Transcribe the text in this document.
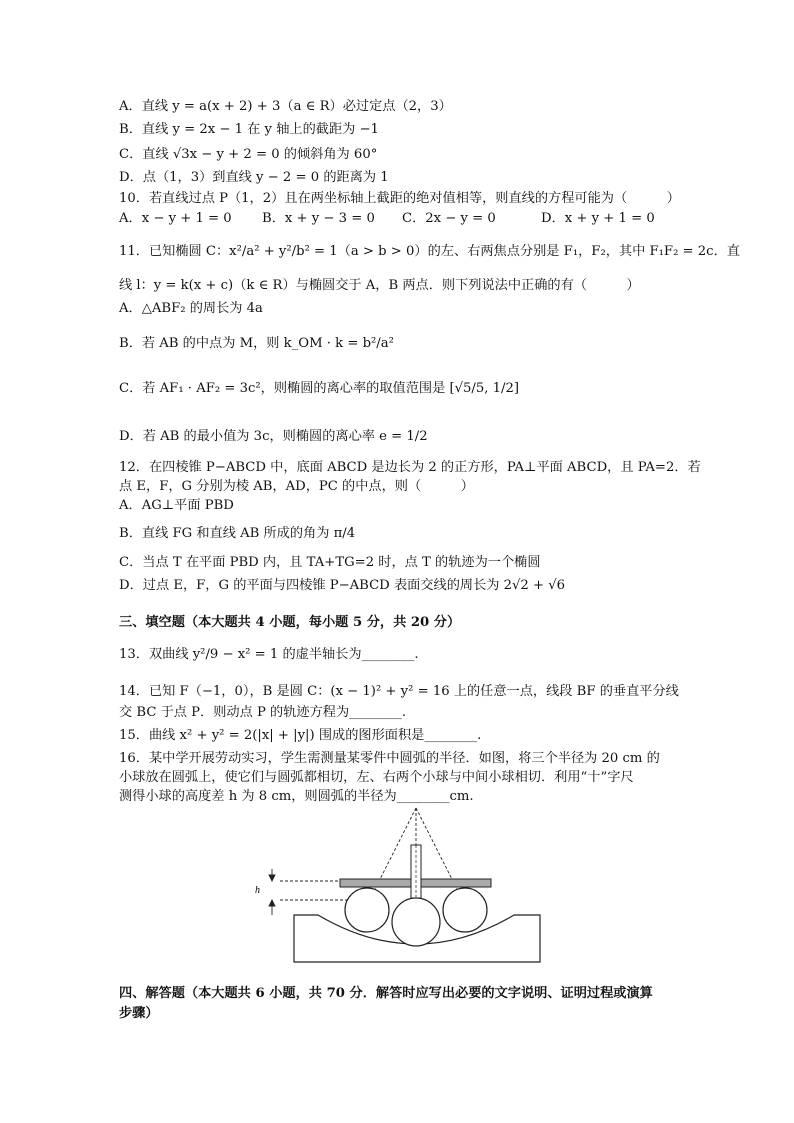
A．直线 y = a(x + 2) + 3（a ∈ R）必过定点（2，3）
B．直线 y = 2x − 1 在 y 轴上的截距为 −1
C．直线 √3x − y + 2 = 0 的倾斜角为 60°
D．点（1，3）到直线 y − 2 = 0 的距离为 1
10．若直线过点 P（1，2）且在两坐标轴上截距的绝对值相等，则直线的方程可能为（　　　）
A．x − y + 1 = 0 B．x + y − 3 = 0 C．2x − y = 0	D．x + y + 1 = 0
11．已知椭圆 C：x²/a² + y²/b² = 1（a > b > 0）的左、右两焦点分别是 F₁，F₂，其中 F₁F₂ = 2c．直
线 l：y = k(x + c)（k ∈ R）与椭圆交于 A，B 两点．则下列说法中正确的有（　　　）
A．△ABF₂ 的周长为 4a
B．若 AB 的中点为 M，则 k_OM · k = b²/a²
C．若 AF₁ · AF₂ = 3c²，则椭圆的离心率的取值范围是 [√5/5, 1/2]
D．若 AB 的最小值为 3c，则椭圆的离心率 e = 1/2
12．在四棱锥 P−ABCD 中，底面 ABCD 是边长为 2 的正方形，PA⊥平面 ABCD，且 PA=2．若
点 E，F，G 分别为棱 AB，AD，PC 的中点，则（　　　）
A．AG⊥平面 PBD
B．直线 FG 和直线 AB 所成的角为 π/4
C．当点 T 在平面 PBD 内，且 TA+TG=2 时，点 T 的轨迹为一个椭圆
D．过点 E，F，G 的平面与四棱锥 P−ABCD 表面交线的周长为 2√2 + √6
三、填空题（本大题共 4 小题，每小题 5 分，共 20 分）
13．双曲线 y²/9 − x² = 1 的虚半轴长为________.
14．已知 F（−1，0），B 是圆 C：(x − 1)² + y² = 16 上的任意一点，线段 BF 的垂直平分线
交 BC 于点 P．则动点 P 的轨迹方程为________.
15．曲线 x² + y² = 2(|x| + |y|) 围成的图形面积是________.
16．某中学开展劳动实习，学生需测量某零件中圆弧的半径．如图，将三个半径为 20 cm 的
小球放在圆弧上，使它们与圆弧都相切，左、右两个小球与中间小球相切．利用“十”字尺
测得小球的高度差 h 为 8 cm，则圆弧的半径为________cm.
h
四、解答题（本大题共 6 小题，共 70 分．解答时应写出必要的文字说明、证明过程或演算
步骤）
